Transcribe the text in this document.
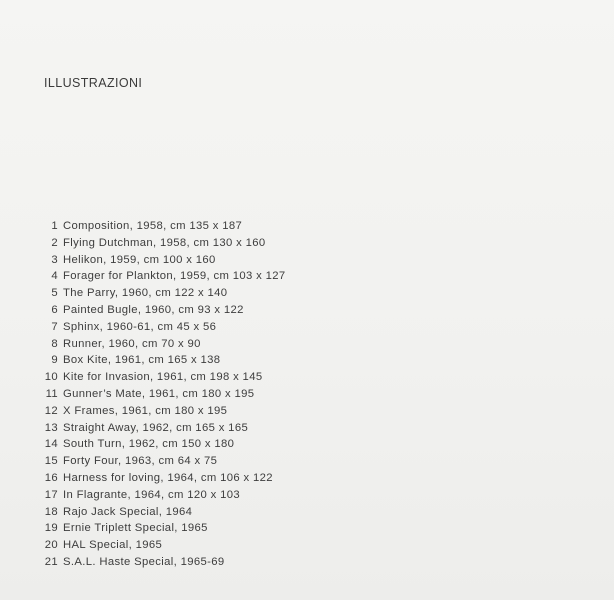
ILLUSTRAZIONI
1 Composition, 1958, cm 135 x 187
2 Flying Dutchman, 1958, cm 130 x 160
3 Helikon, 1959, cm 100 x 160
4 Forager for Plankton, 1959, cm 103 x 127
5 The Parry, 1960, cm 122 x 140
6 Painted Bugle, 1960, cm 93 x 122
7 Sphinx, 1960-61, cm 45 x 56
8 Runner, 1960, cm 70 x 90
9 Box Kite, 1961, cm 165 x 138
10 Kite for Invasion, 1961, cm 198 x 145
11 Gunner’s Mate, 1961, cm 180 x 195
12 X Frames, 1961, cm 180 x 195
13 Straight Away, 1962, cm 165 x 165
14 South Turn, 1962, cm 150 x 180
15 Forty Four, 1963, cm 64 x 75
16 Harness for loving, 1964, cm 106 x 122
17 In Flagrante, 1964, cm 120 x 103
18 Rajo Jack Special, 1964
19 Ernie Triplett Special, 1965
20 HAL Special, 1965
21 S.A.L. Haste Special, 1965-69
